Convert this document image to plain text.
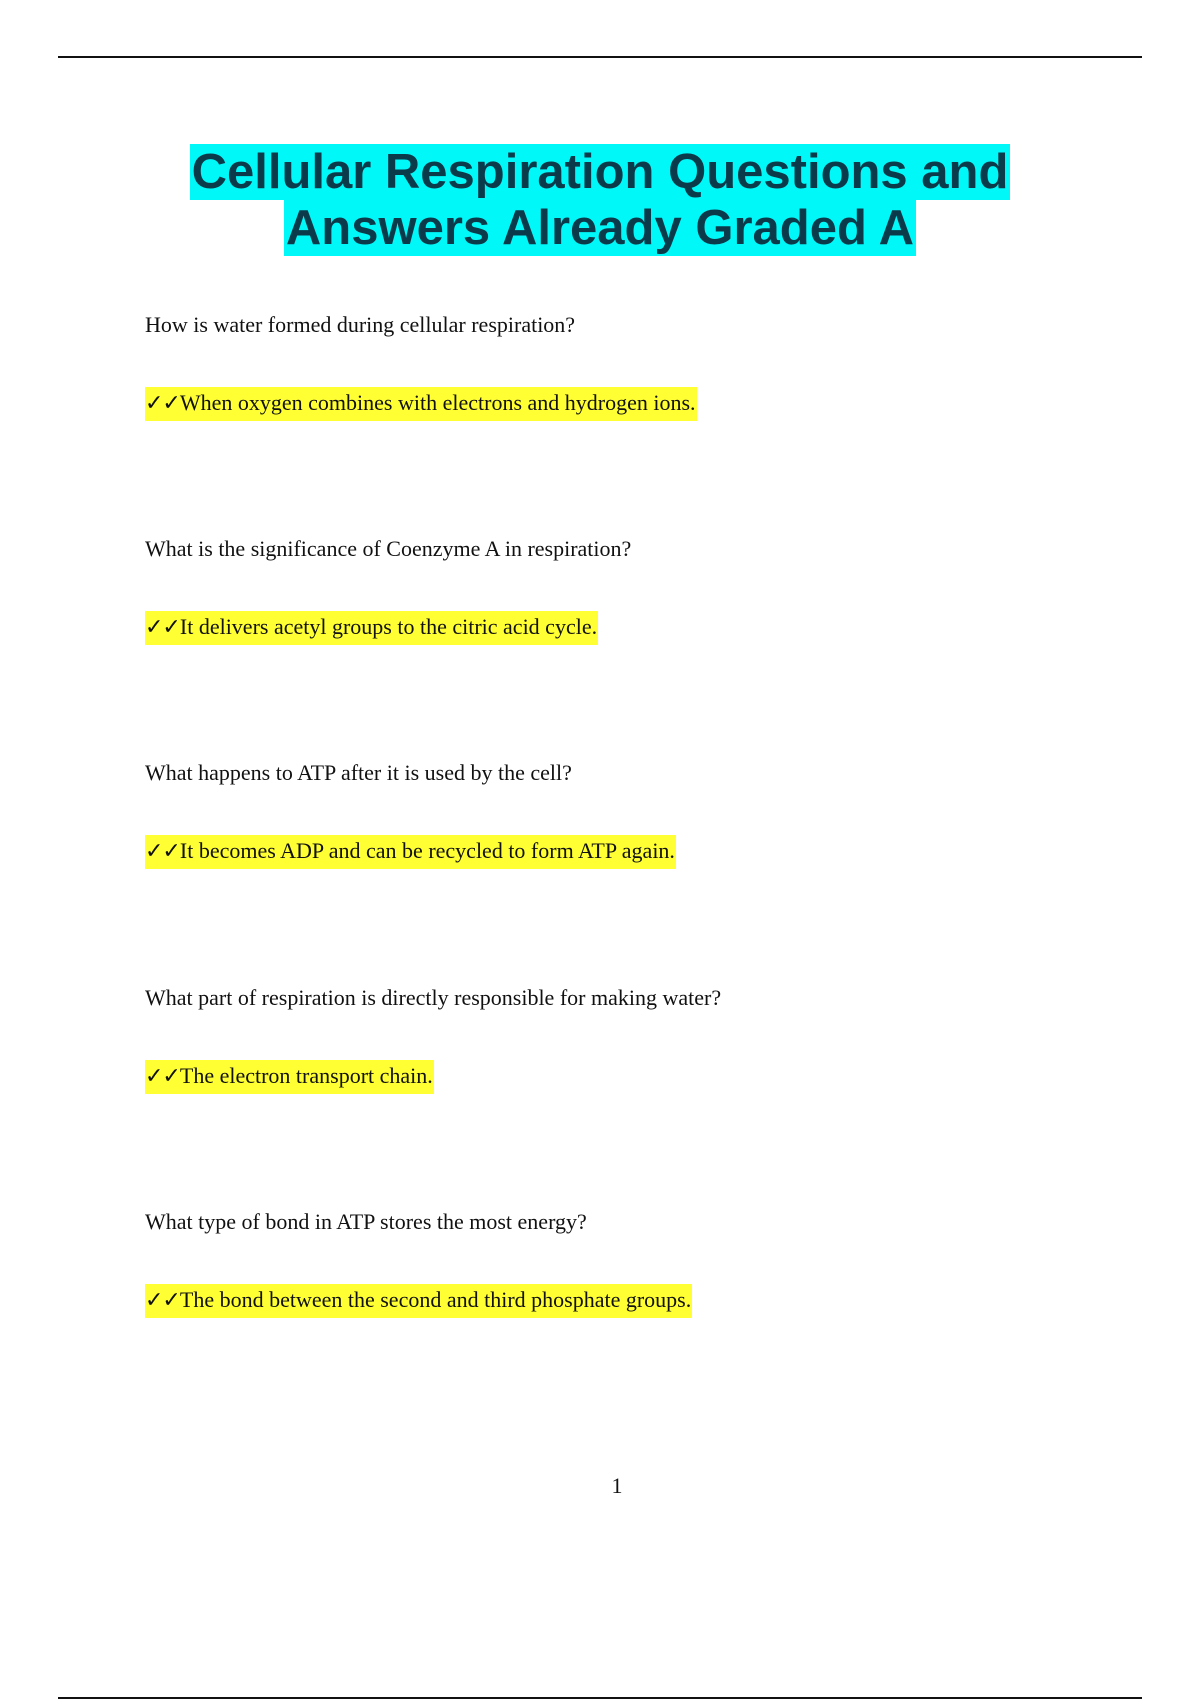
Cellular Respiration Questions and
Answers Already Graded A

How is water formed during cellular respiration?

✓✓When oxygen combines with electrons and hydrogen ions.

What is the significance of Coenzyme A in respiration?

✓✓It delivers acetyl groups to the citric acid cycle.

What happens to ATP after it is used by the cell?

✓✓It becomes ADP and can be recycled to form ATP again.

What part of respiration is directly responsible for making water?

✓✓The electron transport chain.

What type of bond in ATP stores the most energy?

✓✓The bond between the second and third phosphate groups.
1
